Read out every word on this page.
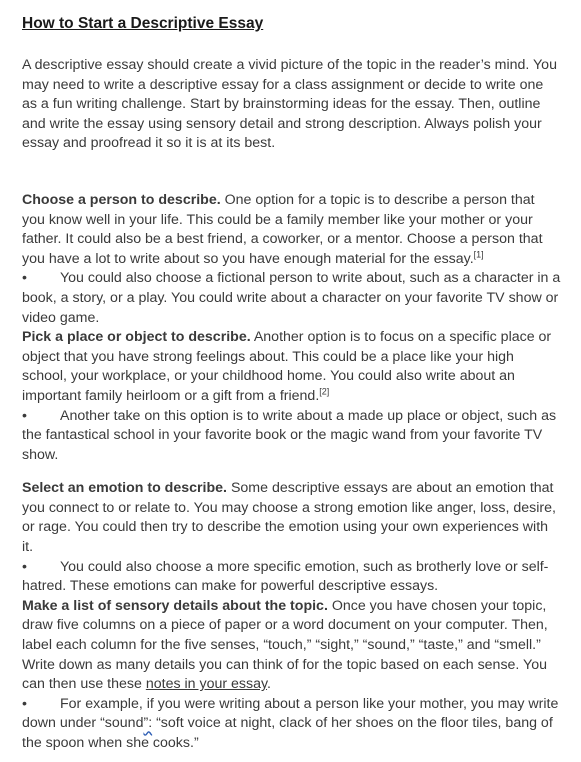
How to Start a Descriptive Essay

A descriptive essay should create a vivid picture of the topic in the reader’s mind. You may need to write a descriptive essay for a class assignment or decide to write one as a fun writing challenge. Start by brainstorming ideas for the essay. Then, outline and write the essay using sensory detail and strong description. Always polish your essay and proofread it so it is at its best.

Choose a person to describe. One option for a topic is to describe a person that you know well in your life. This could be a family member like your mother or your father. It could also be a best friend, a coworker, or a mentor. Choose a person that you have a lot to write about so you have enough material for the essay.[1]

• You could also choose a fictional person to write about, such as a character in a book, a story, or a play. You could write about a character on your favorite TV show or video game.

Pick a place or object to describe. Another option is to focus on a specific place or object that you have strong feelings about. This could be a place like your high school, your workplace, or your childhood home. You could also write about an important family heirloom or a gift from a friend.[2]

• Another take on this option is to write about a made up place or object, such as the fantastical school in your favorite book or the magic wand from your favorite TV show.

Select an emotion to describe. Some descriptive essays are about an emotion that you connect to or relate to. You may choose a strong emotion like anger, loss, desire, or rage. You could then try to describe the emotion using your own experiences with it.

• You could also choose a more specific emotion, such as brotherly love or self-hatred. These emotions can make for powerful descriptive essays.

Make a list of sensory details about the topic. Once you have chosen your topic, draw five columns on a piece of paper or a word document on your computer. Then, label each column for the five senses, “touch,” “sight,” “sound,” “taste,” and “smell.” Write down as many details you can think of for the topic based on each sense. You can then use these notes in your essay.

• For example, if you were writing about a person like your mother, you may write down under “sound”: “soft voice at night, clack of her shoes on the floor tiles, bang of the spoon when she cooks.”
